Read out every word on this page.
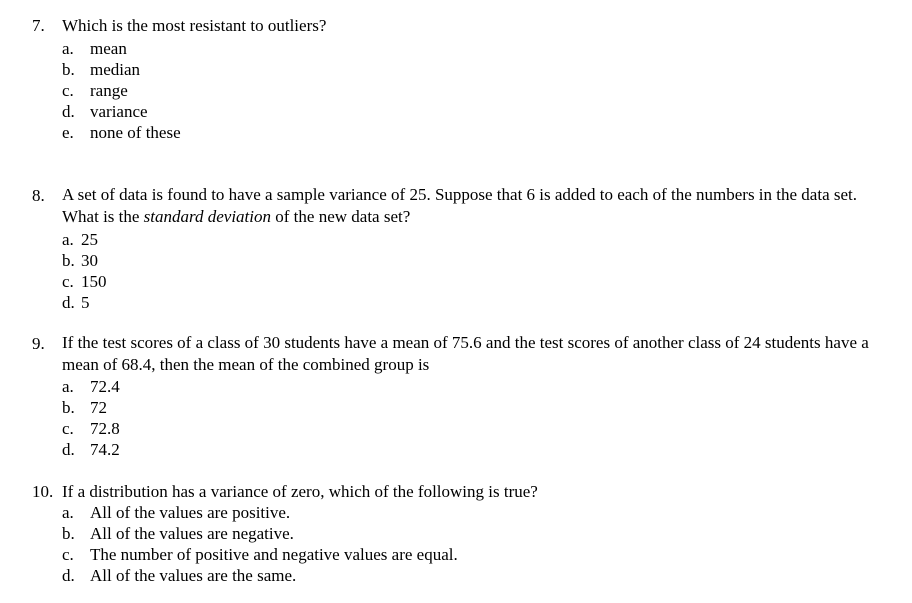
7. Which is the most resistant to outliers?
a. mean
b. median
c. range
d. variance
e. none of these
8. A set of data is found to have a sample variance of 25. Suppose that 6 is added to each of the numbers in the data set. What is the standard deviation of the new data set?
a. 25
b. 30
c. 150
d. 5
9. If the test scores of a class of 30 students have a mean of 75.6 and the test scores of another class of 24 students have a mean of 68.4, then the mean of the combined group is
a. 72.4
b. 72
c. 72.8
d. 74.2
10. If a distribution has a variance of zero, which of the following is true?
a. All of the values are positive.
b. All of the values are negative.
c. The number of positive and negative values are equal.
d. All of the values are the same.
